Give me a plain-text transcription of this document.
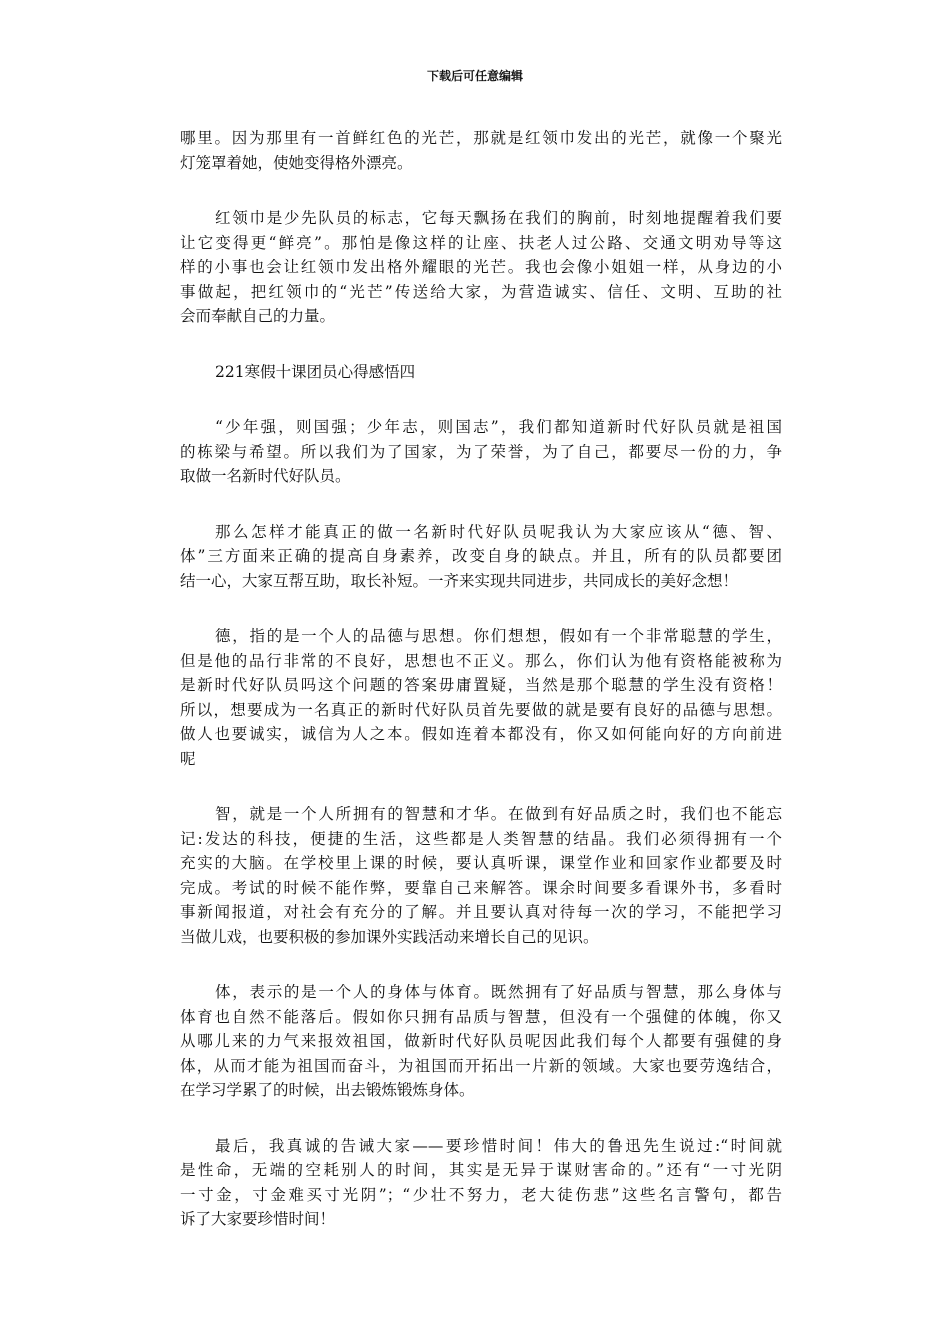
下载后可任意编辑
哪里。因为那里有一首鲜红色的光芒，那就是红领巾发出的光芒，就像一个聚光
灯笼罩着她，使她变得格外漂亮。
红领巾是少先队员的标志，它每天飘扬在我们的胸前，时刻地提醒着我们要
让它变得更“鲜亮”。那怕是像这样的让座、扶老人过公路、交通文明劝导等这
样的小事也会让红领巾发出格外耀眼的光芒。我也会像小姐姐一样，从身边的小
事做起，把红领巾的“光芒”传送给大家，为营造诚实、信任、文明、互助的社
会而奉献自己的力量。
221寒假十课团员心得感悟四
“少年强，则国强；少年志，则国志”，我们都知道新时代好队员就是祖国
的栋梁与希望。所以我们为了国家，为了荣誉，为了自己，都要尽一份的力，争
取做一名新时代好队员。
那么怎样才能真正的做一名新时代好队员呢我认为大家应该从“德、智、
体”三方面来正确的提高自身素养，改变自身的缺点。并且，所有的队员都要团
结一心，大家互帮互助，取长补短。一齐来实现共同进步，共同成长的美好念想！
德，指的是一个人的品德与思想。你们想想，假如有一个非常聪慧的学生，
但是他的品行非常的不良好，思想也不正义。那么，你们认为他有资格能被称为
是新时代好队员吗这个问题的答案毋庸置疑，当然是那个聪慧的学生没有资格！
所以，想要成为一名真正的新时代好队员首先要做的就是要有良好的品德与思想。
做人也要诚实，诚信为人之本。假如连着本都没有，你又如何能向好的方向前进
呢
智，就是一个人所拥有的智慧和才华。在做到有好品质之时，我们也不能忘
记:发达的科技，便捷的生活，这些都是人类智慧的结晶。我们必须得拥有一个
充实的大脑。在学校里上课的时候，要认真听课，课堂作业和回家作业都要及时
完成。考试的时候不能作弊，要靠自己来解答。课余时间要多看课外书，多看时
事新闻报道，对社会有充分的了解。并且要认真对待每一次的学习，不能把学习
当做儿戏，也要积极的参加课外实践活动来增长自己的见识。
体，表示的是一个人的身体与体育。既然拥有了好品质与智慧，那么身体与
体育也自然不能落后。假如你只拥有品质与智慧，但没有一个强健的体魄，你又
从哪儿来的力气来报效祖国，做新时代好队员呢因此我们每个人都要有强健的身
体，从而才能为祖国而奋斗，为祖国而开拓出一片新的领域。大家也要劳逸结合，
在学习学累了的时候，出去锻炼锻炼身体。
最后，我真诚的告诫大家——要珍惜时间！伟大的鲁迅先生说过:“时间就
是性命，无端的空耗别人的时间，其实是无异于谋财害命的。”还有“一寸光阴
一寸金，寸金难买寸光阴”；“少壮不努力，老大徒伤悲”这些名言警句，都告
诉了大家要珍惜时间！
